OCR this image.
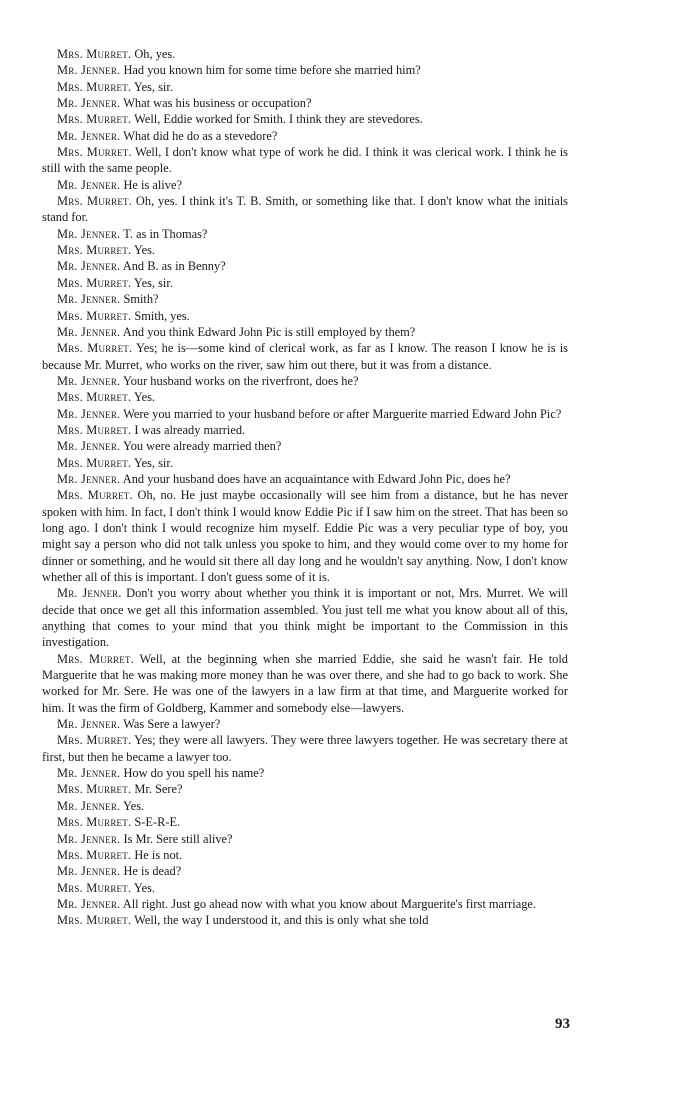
Mrs. Murret. Oh, yes.

Mr. Jenner. Had you known him for some time before she married him?

Mrs. Murret. Yes, sir.

Mr. Jenner. What was his business or occupation?

Mrs. Murret. Well, Eddie worked for Smith. I think they are stevedores.

Mr. Jenner. What did he do as a stevedore?

Mrs. Murret. Well, I don't know what type of work he did. I think it was clerical work. I think he is still with the same people.

Mr. Jenner. He is alive?

Mrs. Murret. Oh, yes. I think it's T. B. Smith, or something like that. I don't know what the initials stand for.

Mr. Jenner. T. as in Thomas?

Mrs. Murret. Yes.

Mr. Jenner. And B. as in Benny?

Mrs. Murret. Yes, sir.

Mr. Jenner. Smith?

Mrs. Murret. Smith, yes.

Mr. Jenner. And you think Edward John Pic is still employed by them?

Mrs. Murret. Yes; he is—some kind of clerical work, as far as I know. The reason I know he is is because Mr. Murret, who works on the river, saw him out there, but it was from a distance.

Mr. Jenner. Your husband works on the riverfront, does he?

Mrs. Murret. Yes.

Mr. Jenner. Were you married to your husband before or after Marguerite married Edward John Pic?

Mrs. Murret. I was already married.

Mr. Jenner. You were already married then?

Mrs. Murret. Yes, sir.

Mr. Jenner. And your husband does have an acquaintance with Edward John Pic, does he?

Mrs. Murret. Oh, no. He just maybe occasionally will see him from a distance, but he has never spoken with him. In fact, I don't think I would know Eddie Pic if I saw him on the street. That has been so long ago. I don't think I would recognize him myself. Eddie Pic was a very peculiar type of boy, you might say a person who did not talk unless you spoke to him, and they would come over to my home for dinner or something, and he would sit there all day long and he wouldn't say anything. Now, I don't know whether all of this is important. I don't guess some of it is.

Mr. Jenner. Don't you worry about whether you think it is important or not, Mrs. Murret. We will decide that once we get all this information assembled. You just tell me what you know about all of this, anything that comes to your mind that you think might be important to the Commission in this investigation.

Mrs. Murret. Well, at the beginning when she married Eddie, she said he wasn't fair. He told Marguerite that he was making more money than he was over there, and she had to go back to work. She worked for Mr. Sere. He was one of the lawyers in a law firm at that time, and Marguerite worked for him. It was the firm of Goldberg, Kammer and somebody else—lawyers.

Mr. Jenner. Was Sere a lawyer?

Mrs. Murret. Yes; they were all lawyers. They were three lawyers together. He was secretary there at first, but then he became a lawyer too.

Mr. Jenner. How do you spell his name?

Mrs. Murret. Mr. Sere?

Mr. Jenner. Yes.

Mrs. Murret. S-E-R-E.

Mr. Jenner. Is Mr. Sere still alive?

Mrs. Murret. He is not.

Mr. Jenner. He is dead?

Mrs. Murret. Yes.

Mr. Jenner. All right. Just go ahead now with what you know about Marguerite's first marriage.

Mrs. Murret. Well, the way I understood it, and this is only what she told

93
